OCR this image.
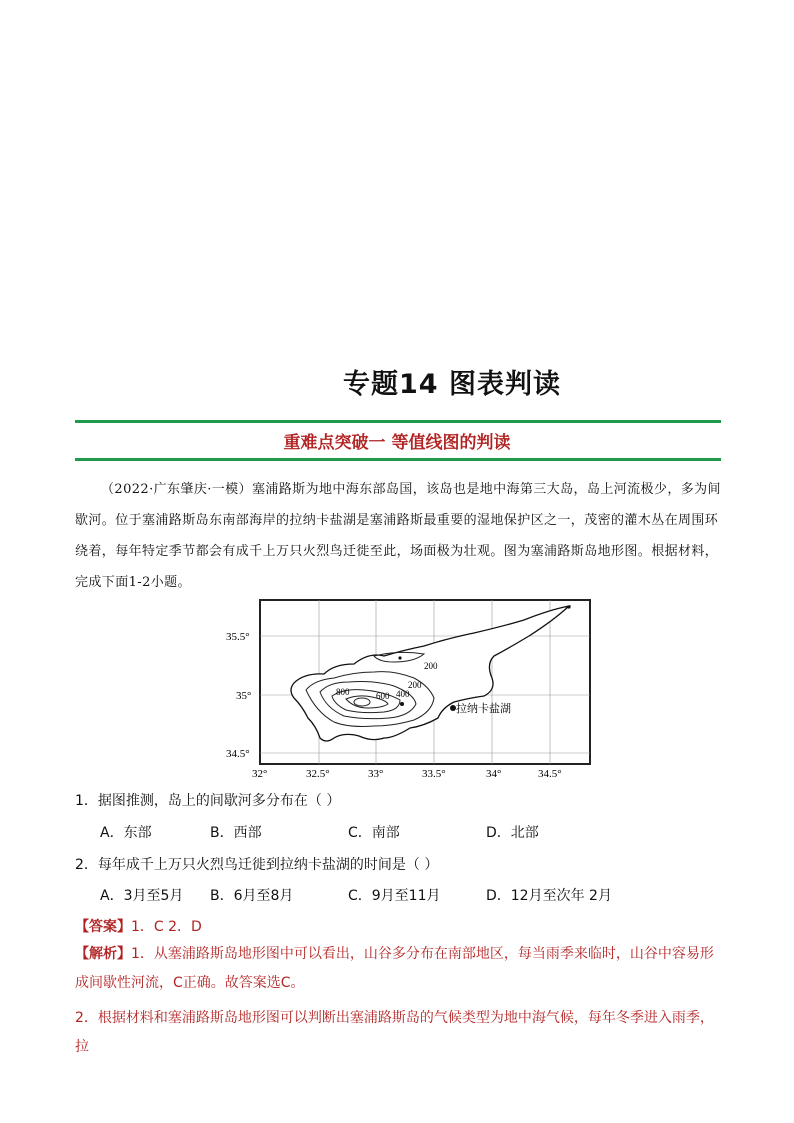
专题14 图表判读
重难点突破一 等值线图的判读
（2022·广东肇庆·一模）塞浦路斯为地中海东部岛国，该岛也是地中海第三大岛，岛上河流极少，多为间歇河。位于塞浦路斯岛东南部海岸的拉纳卡盐湖是塞浦路斯最重要的湿地保护区之一，茂密的灌木丛在周围环绕着，每年特定季节都会有成千上万只火烈鸟迁徙至此，场面极为壮观。图为塞浦路斯岛地形图。根据材料，完成下面1-2小题。
200
200
400
800	600
拉纳卡盐湖
35.5°
35°
34.5°
32°	32.5°	33°	33.5°	34°	34.5°
1．据图推测，岛上的间歇河多分布在（ ）
A．东部	B．西部	C．南部	D．北部
2．每年成千上万只火烈鸟迁徙到拉纳卡盐湖的时间是（ ）
A．3月至5月 B．6月至8月	C．9月至11月	D．12月至次年 2月
【答案】1．C 2．D
【解析】1．从塞浦路斯岛地形图中可以看出，山谷多分布在南部地区，每当雨季来临时，山谷中容易形成间歇性河流，C正确。故答案选C。
2．根据材料和塞浦路斯岛地形图可以判断出塞浦路斯岛的气候类型为地中海气候，每年冬季进入雨季，拉
